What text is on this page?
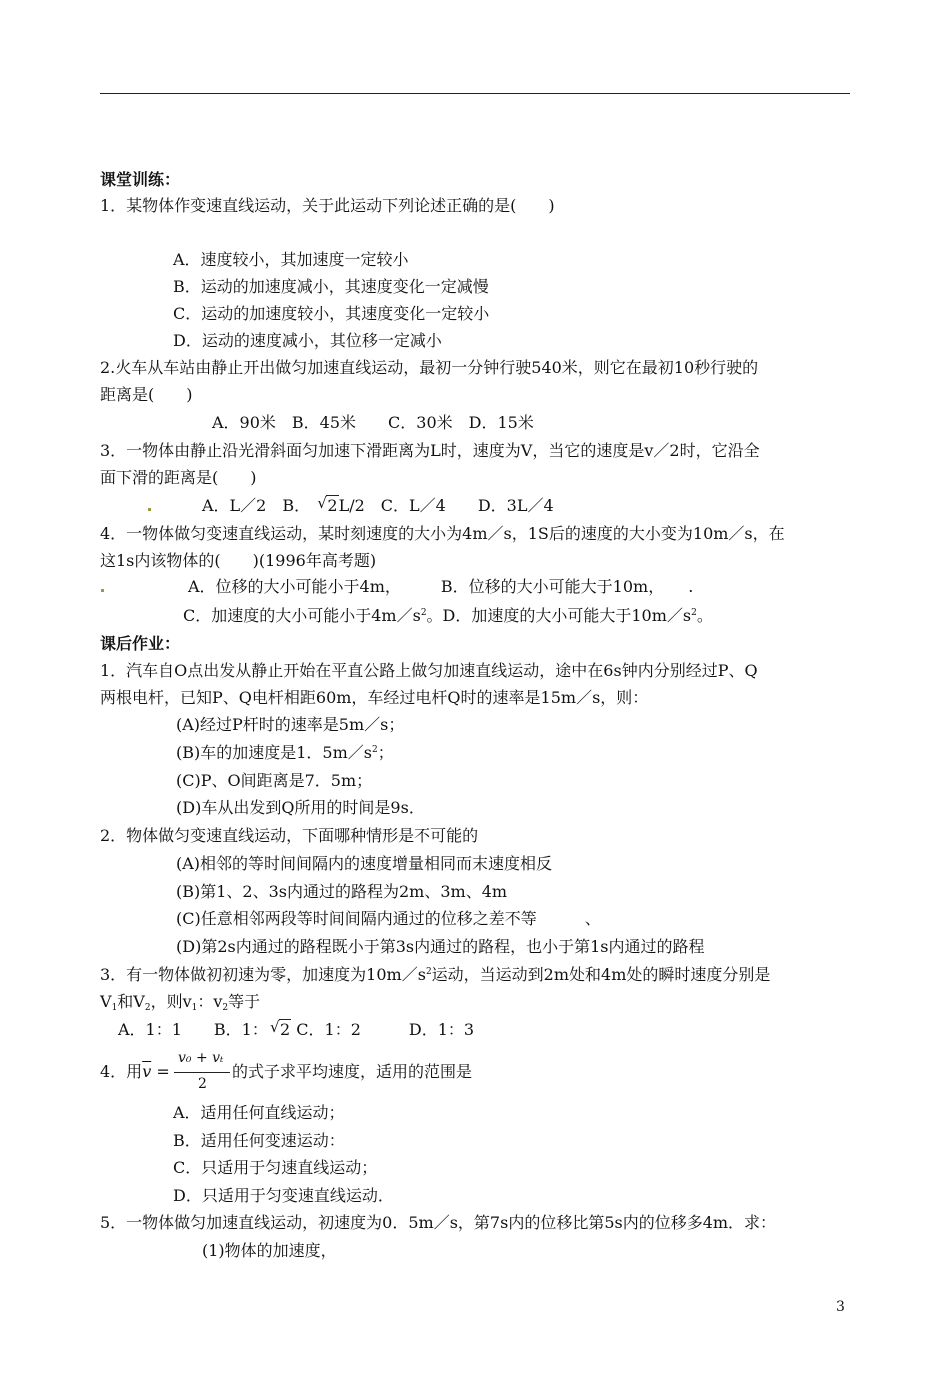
课堂训练：
1．某物体作变速直线运动，关于此运动下列论述正确的是(　　)
A．速度较小，其加速度一定较小
B．运动的加速度减小，其速度变化一定减慢
C．运动的加速度较小，其速度变化一定较小
D．运动的速度减小，其位移一定减小
2.火车从车站由静止开出做匀加速直线运动，最初一分钟行驶540米，则它在最初10秒行驶的
距离是(　　)
A．90米　B．45米　　C．30米　D．15米
3．一物体由静止沿光滑斜面匀加速下滑距离为L时，速度为V，当它的速度是v／2时，它沿全
面下滑的距离是(　　)
A．L／2　B． √ 2L/2　C．L／4　　D．3L／4
4．一物体做匀变速直线运动，某时刻速度的大小为4m／s，1S后的速度的大小变为10m／s，在
这1s内该物体的(　　)(1996年高考题)
A．位移的大小可能小于4m，　　　B．位移的大小可能大于10m，　　.
C．加速度的大小可能小于$4m/s^2$。D．加速度的大小可能大于$10m/s^2$。
课后作业：
1．汽车自O点出发从静止开始在平直公路上做匀加速直线运动，途中在6s钟内分别经过P、Q
两根电杆，已知P、Q电杆相距60m，车经过电杆Q时的速率是15m／s，则：
(A)经过P杆时的速率是5m／s；
(B)车的加速度是1．$5m/s^2$；
(C)P、O间距离是7．5m；
(D)车从出发到Q所用的时间是9s．
2．物体做匀变速直线运动，下面哪种情形是不可能的
(A)相邻的等时间间隔内的速度增量相同而末速度相反
(B)第1、2、3s内通过的路程为2m、3m、4m
(C)任意相邻两段等时间间隔内通过的位移之差不等　　　、
(D)第2s内通过的路程既小于第3s内通过的路程，也小于第1s内通过的路程
3．有一物体做初初速为零，加速度为$10m/s^2$运动，当运动到2m处和4m处的瞬时速度分别是
$V_1$和$V_2$，则$v_1$：$v_2$等于
A．1：1　　B．1： √ 2 C．1：2　　　D．1：3
4．用$\overline{v}$ =
v₀ + vₜ
2
的式子求平均速度，适用的范围是
A．适用任何直线运动；
B．适用任何变速运动：
C．只适用于匀速直线运动；
D．只适用于匀变速直线运动．
5．一物体做匀加速直线运动，初速度为0．5m／s，第7s内的位移比第5s内的位移多4m．求：
(1)物体的加速度，
3
